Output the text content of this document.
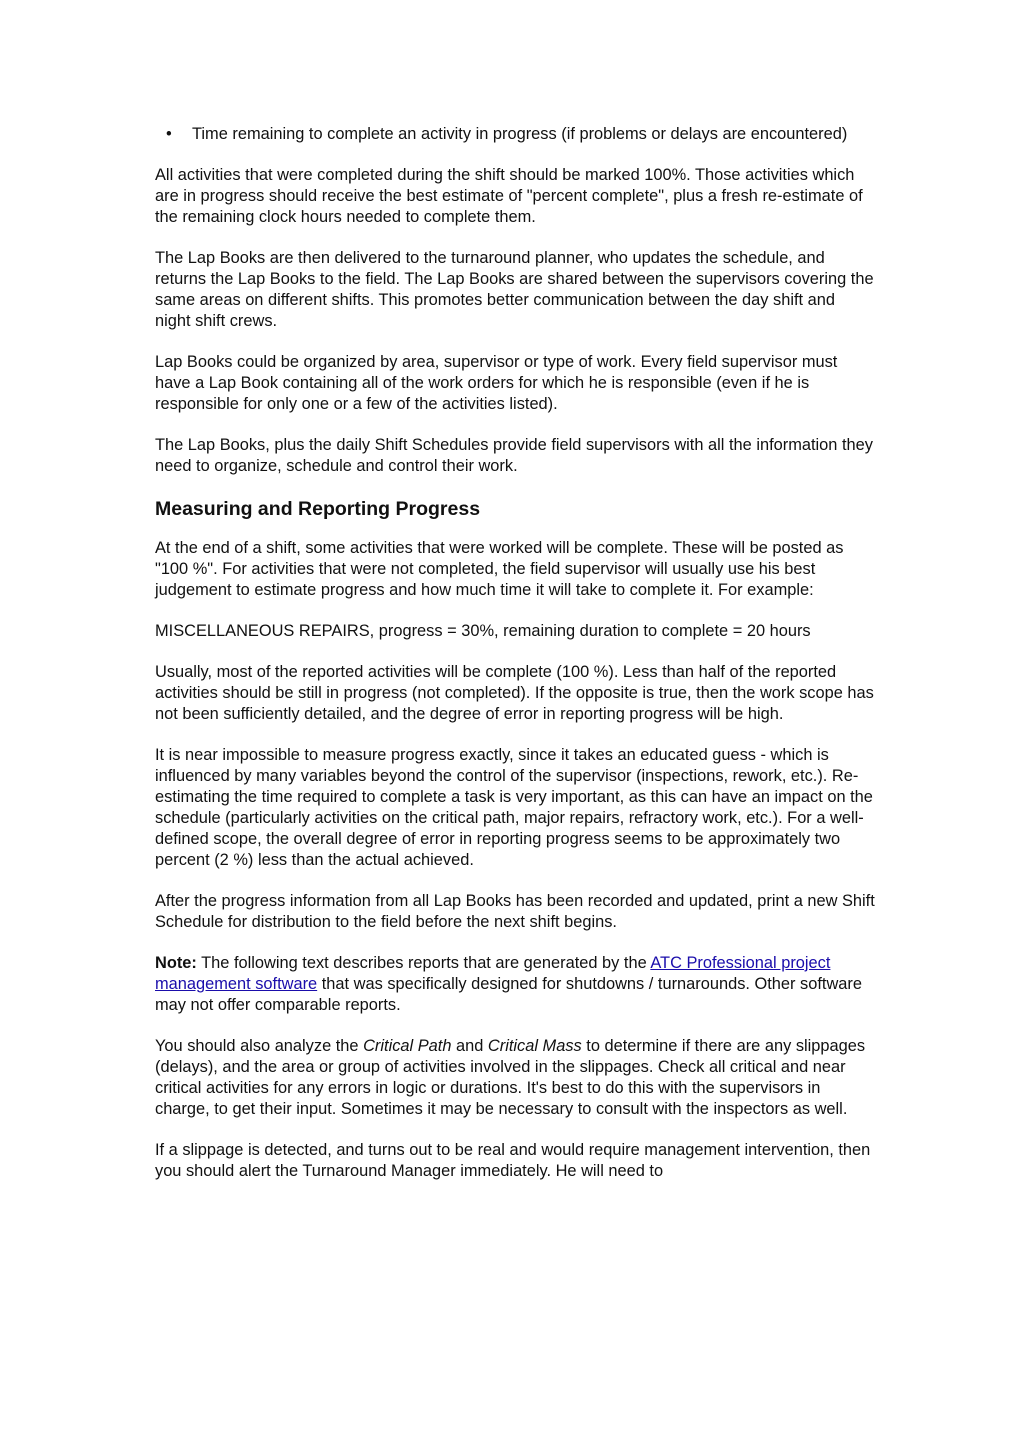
•	Time remaining to complete an activity in progress (if problems or delays are encountered)

All activities that were completed during the shift should be marked 100%. Those activities which are in progress should receive the best estimate of "percent complete", plus a fresh re-estimate of the remaining clock hours needed to complete them.

The Lap Books are then delivered to the turnaround planner, who updates the schedule, and returns the Lap Books to the field. The Lap Books are shared between the supervisors covering the same areas on different shifts. This promotes better communication between the day shift and night shift crews.

Lap Books could be organized by area, supervisor or type of work. Every field supervisor must have a Lap Book containing all of the work orders for which he is responsible (even if he is responsible for only one or a few of the activities listed).

The Lap Books, plus the daily Shift Schedules provide field supervisors with all the information they need to organize, schedule and control their work.

Measuring and Reporting Progress

At the end of a shift, some activities that were worked will be complete. These will be posted as "100 %". For activities that were not completed, the field supervisor will usually use his best judgement to estimate progress and how much time it will take to complete it. For example:

MISCELLANEOUS REPAIRS, progress = 30%, remaining duration to complete = 20 hours

Usually, most of the reported activities will be complete (100 %). Less than half of the reported activities should be still in progress (not completed). If the opposite is true, then the work scope has not been sufficiently detailed, and the degree of error in reporting progress will be high.

It is near impossible to measure progress exactly, since it takes an educated guess - which is influenced by many variables beyond the control of the supervisor (inspections, rework, etc.). Re-estimating the time required to complete a task is very important, as this can have an impact on the schedule (particularly activities on the critical path, major repairs, refractory work, etc.). For a well-defined scope, the overall degree of error in reporting progress seems to be approximately two percent (2 %) less than the actual achieved.

After the progress information from all Lap Books has been recorded and updated, print a new Shift Schedule for distribution to the field before the next shift begins.

Note: The following text describes reports that are generated by the ATC Professional project management software that was specifically designed for shutdowns / turnarounds. Other software may not offer comparable reports.

You should also analyze the Critical Path and Critical Mass to determine if there are any slippages (delays), and the area or group of activities involved in the slippages. Check all critical and near critical activities for any errors in logic or durations. It's best to do this with the supervisors in charge, to get their input. Sometimes it may be necessary to consult with the inspectors as well.

If a slippage is detected, and turns out to be real and would require management intervention, then you should alert the Turnaround Manager immediately. He will need to
